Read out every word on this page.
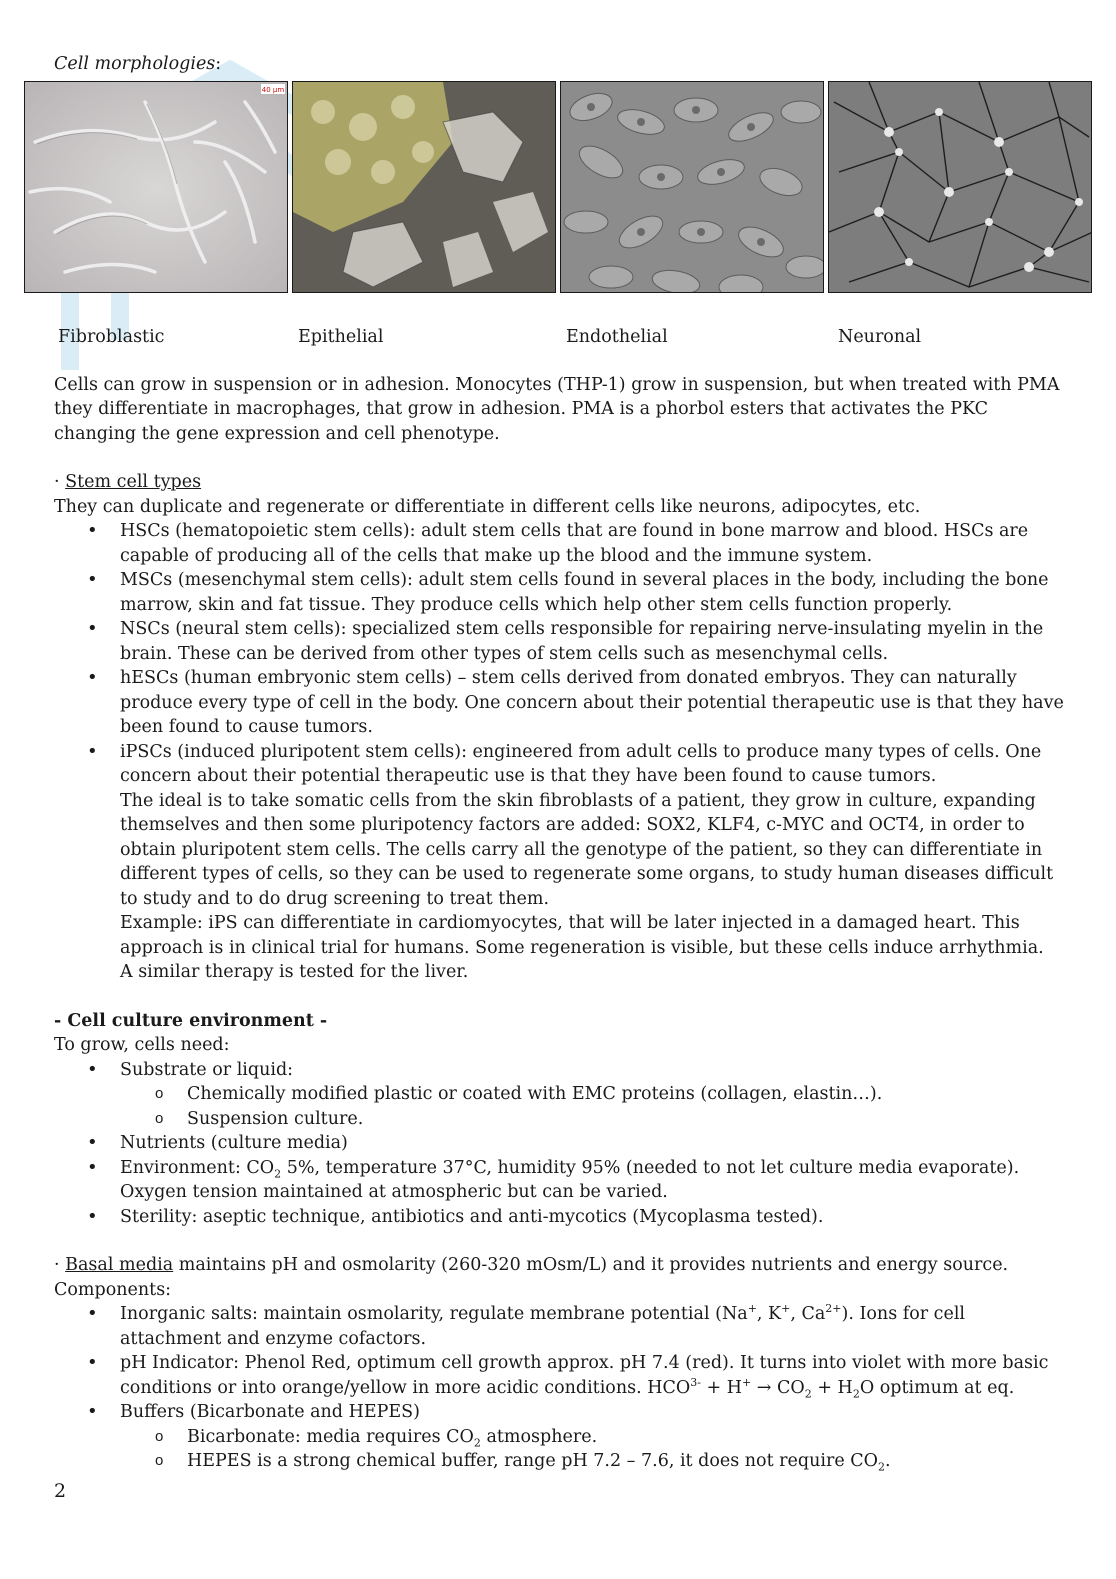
Cell morphologies:

40 μm
Fibroblastic	Epithelial	Endothelial	Neuronal

Cells can grow in suspension or in adhesion. Monocytes (THP-1) grow in suspension, but when treated with PMA they differentiate in macrophages, that grow in adhesion. PMA is a phorbol esters that activates the PKC changing the gene expression and cell phenotype.

· Stem cell types

They can duplicate and regenerate or differentiate in different cells like neurons, adipocytes, etc.

• HSCs (hematopoietic stem cells): adult stem cells that are found in bone marrow and blood. HSCs are capable of producing all of the cells that make up the blood and the immune system.
• MSCs (mesenchymal stem cells): adult stem cells found in several places in the body, including the bone marrow, skin and fat tissue. They produce cells which help other stem cells function properly.
• NSCs (neural stem cells): specialized stem cells responsible for repairing nerve-insulating myelin in the brain. These can be derived from other types of stem cells such as mesenchymal cells.
• hESCs (human embryonic stem cells) – stem cells derived from donated embryos. They can naturally produce every type of cell in the body. One concern about their potential therapeutic use is that they have been found to cause tumors.
• iPSCs (induced pluripotent stem cells): engineered from adult cells to produce many types of cells. One concern about their potential therapeutic use is that they have been found to cause tumors.
The ideal is to take somatic cells from the skin fibroblasts of a patient, they grow in culture, expanding themselves and then some pluripotency factors are added: SOX2, KLF4, c-MYC and OCT4, in order to obtain pluripotent stem cells. The cells carry all the genotype of the patient, so they can differentiate in different types of cells, so they can be used to regenerate some organs, to study human diseases difficult to study and to do drug screening to treat them.
Example: iPS can differentiate in cardiomyocytes, that will be later injected in a damaged heart. This approach is in clinical trial for humans. Some regeneration is visible, but these cells induce arrhythmia.
A similar therapy is tested for the liver.

- Cell culture environment -

To grow, cells need:

• Substrate or liquid:
o Chemically modified plastic or coated with EMC proteins (collagen, elastin…).
o Suspension culture.
• Nutrients (culture media)
• Environment: $CO_2$ 5%, temperature 37°C, humidity 95% (needed to not let culture media evaporate). Oxygen tension maintained at atmospheric but can be varied.
• Sterility: aseptic technique, antibiotics and anti-mycotics (Mycoplasma tested).

· Basal media maintains pH and osmolarity (260-320 mOsm/L) and it provides nutrients and energy source.

Components:

• Inorganic salts: maintain osmolarity, regulate membrane potential (Na+, K+, $Ca^{2+}$). Ions for cell attachment and enzyme cofactors.
• pH Indicator: Phenol Red, optimum cell growth approx. pH 7.4 (red). It turns into violet with more basic conditions or into orange/yellow in more acidic conditions. $HCO^{3-} + H^+ \to CO_2 + H_2O$ optimum at eq.
• Buffers (Bicarbonate and HEPES)
o Bicarbonate: media requires $CO_2$ atmosphere.
o HEPES is a strong chemical buffer, range pH 7.2 – 7.6, it does not require $CO_2$.
2
